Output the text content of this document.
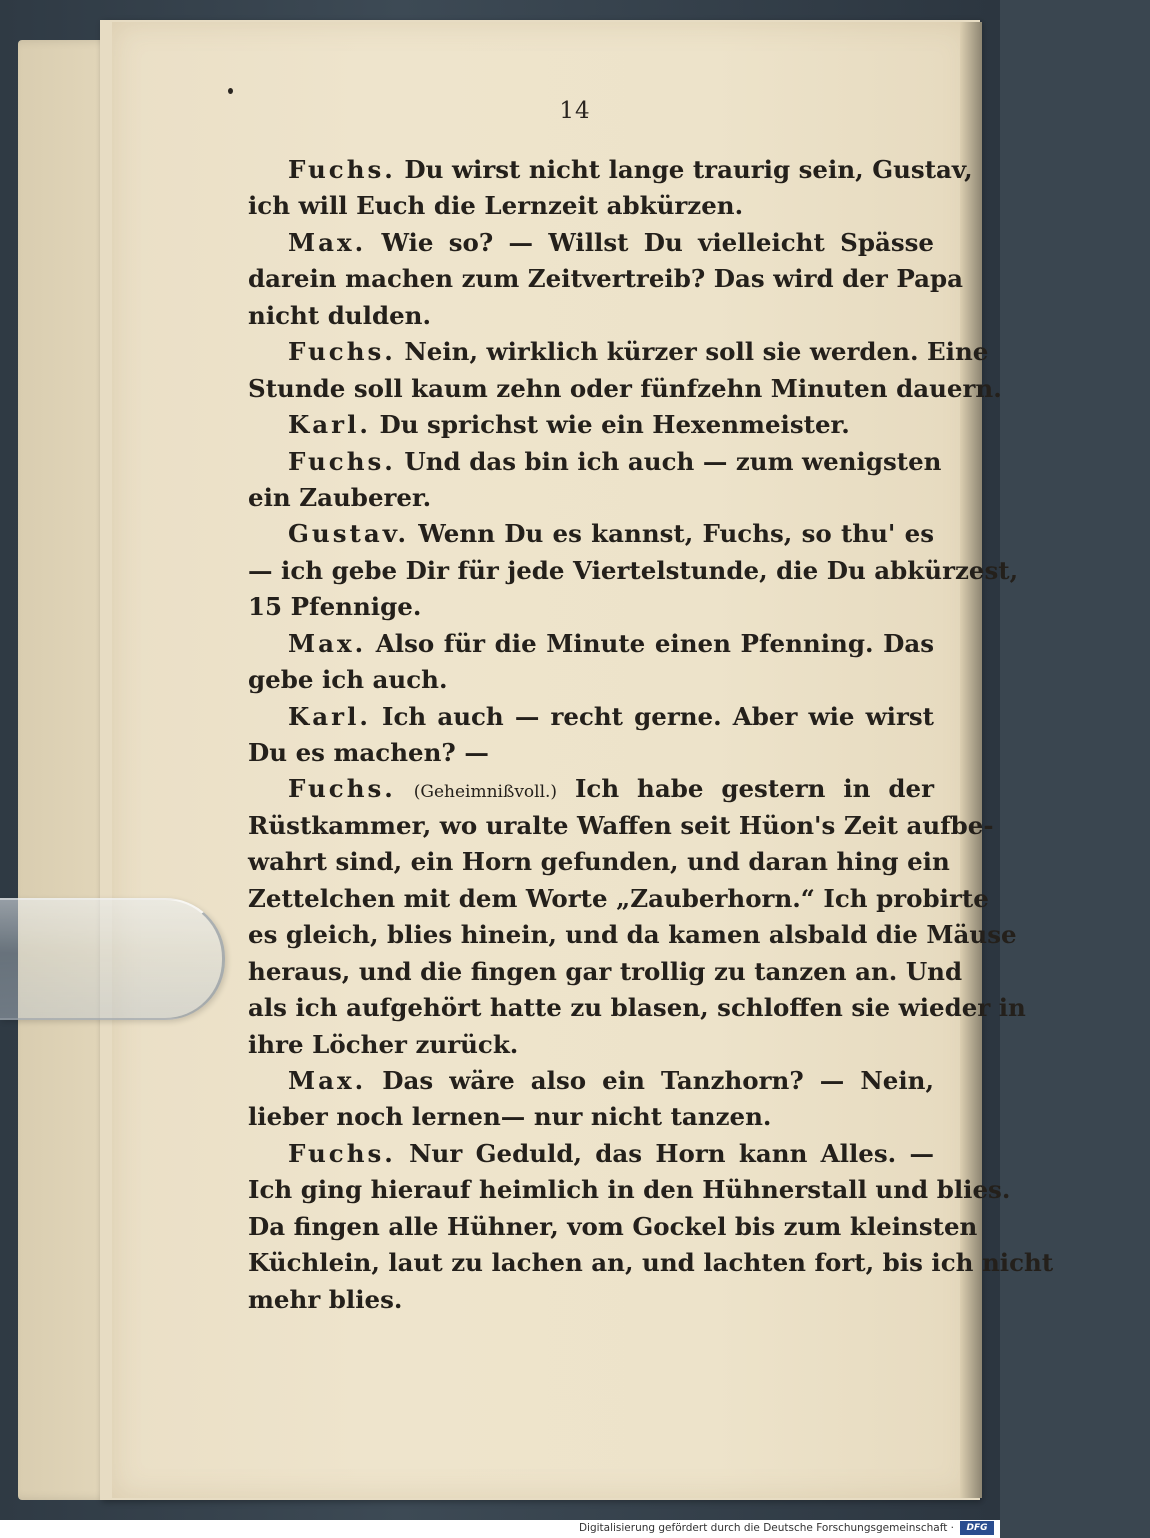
14
Fuchs. Du wirst nicht lange traurig sein, Gustav,
ich will Euch die Lernzeit abkürzen.
Max. Wie so? — Willst Du vielleicht Spässe
darein machen zum Zeitvertreib? Das wird der Papa
nicht dulden.
Fuchs. Nein, wirklich kürzer soll sie werden. Eine
Stunde soll kaum zehn oder fünfzehn Minuten dauern.
Karl. Du sprichst wie ein Hexenmeister.
Fuchs. Und das bin ich auch — zum wenigsten
ein Zauberer.
Gustav. Wenn Du es kannst, Fuchs, so thu' es
— ich gebe Dir für jede Viertelstunde, die Du abkürzest,
15 Pfennige.
Max. Also für die Minute einen Pfenning. Das
gebe ich auch.
Karl. Ich auch — recht gerne. Aber wie wirst
Du es machen? —
Fuchs. (Geheimnißvoll.) Ich habe gestern in der
Rüstkammer, wo uralte Waffen seit Hüon's Zeit aufbe-
wahrt sind, ein Horn gefunden, und daran hing ein
Zettelchen mit dem Worte „Zauberhorn.“ Ich probirte
es gleich, blies hinein, und da kamen alsbald die Mäuse
heraus, und die fingen gar trollig zu tanzen an. Und
als ich aufgehört hatte zu blasen, schloffen sie wieder in
ihre Löcher zurück.
Max. Das wäre also ein Tanzhorn? — Nein,
lieber noch lernen— nur nicht tanzen.
Fuchs. Nur Geduld, das Horn kann Alles. —
Ich ging hierauf heimlich in den Hühnerstall und blies.
Da fingen alle Hühner, vom Gockel bis zum kleinsten
Küchlein, laut zu lachen an, und lachten fort, bis ich nicht
mehr blies.
Digitalisierung gefördert durch die Deutsche Forschungsgemeinschaft ·	DFG
